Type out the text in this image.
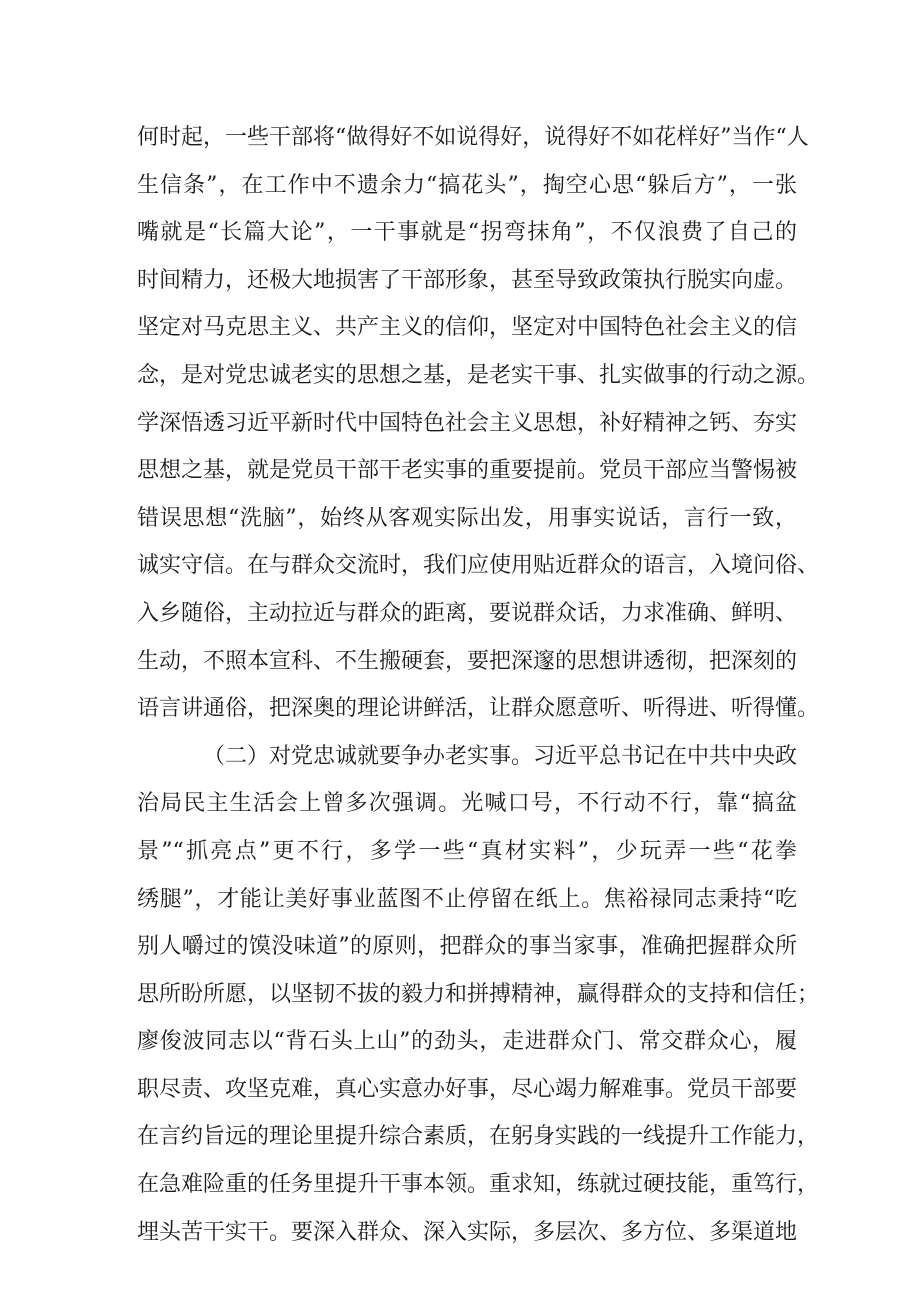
何时起，一些干部将“做得好不如说得好，说得好不如花样好”当作“人
生信条”，在工作中不遗余力“搞花头”，掏空心思“躲后方”，一张
嘴就是“长篇大论”，一干事就是“拐弯抹角”，不仅浪费了自己的
时间精力，还极大地损害了干部形象，甚至导致政策执行脱实向虚。
坚定对马克思主义、共产主义的信仰，坚定对中国特色社会主义的信
念，是对党忠诚老实的思想之基，是老实干事、扎实做事的行动之源。
学深悟透习近平新时代中国特色社会主义思想，补好精神之钙、夯实
思想之基，就是党员干部干老实事的重要提前。党员干部应当警惕被
错误思想“洗脑”，始终从客观实际出发，用事实说话，言行一致，
诚实守信。在与群众交流时，我们应使用贴近群众的语言，入境问俗、
入乡随俗，主动拉近与群众的距离，要说群众话，力求准确、鲜明、
生动，不照本宣科、不生搬硬套，要把深邃的思想讲透彻，把深刻的
语言讲通俗，把深奥的理论讲鲜活，让群众愿意听、听得进、听得懂。
（二）对党忠诚就要争办老实事。习近平总书记在中共中央政
治局民主生活会上曾多次强调。光喊口号，不行动不行，靠“搞盆
景”“抓亮点”更不行，多学一些“真材实料”，少玩弄一些“花拳
绣腿”，才能让美好事业蓝图不止停留在纸上。焦裕禄同志秉持“吃
别人嚼过的馍没味道”的原则，把群众的事当家事，准确把握群众所
思所盼所愿，以坚韧不拔的毅力和拼搏精神，赢得群众的支持和信任；
廖俊波同志以“背石头上山”的劲头，走进群众门、常交群众心，履
职尽责、攻坚克难，真心实意办好事，尽心竭力解难事。党员干部要
在言约旨远的理论里提升综合素质，在躬身实践的一线提升工作能力，
在急难险重的任务里提升干事本领。重求知，练就过硬技能，重笃行，
埋头苦干实干。要深入群众、深入实际，多层次、多方位、多渠道地
